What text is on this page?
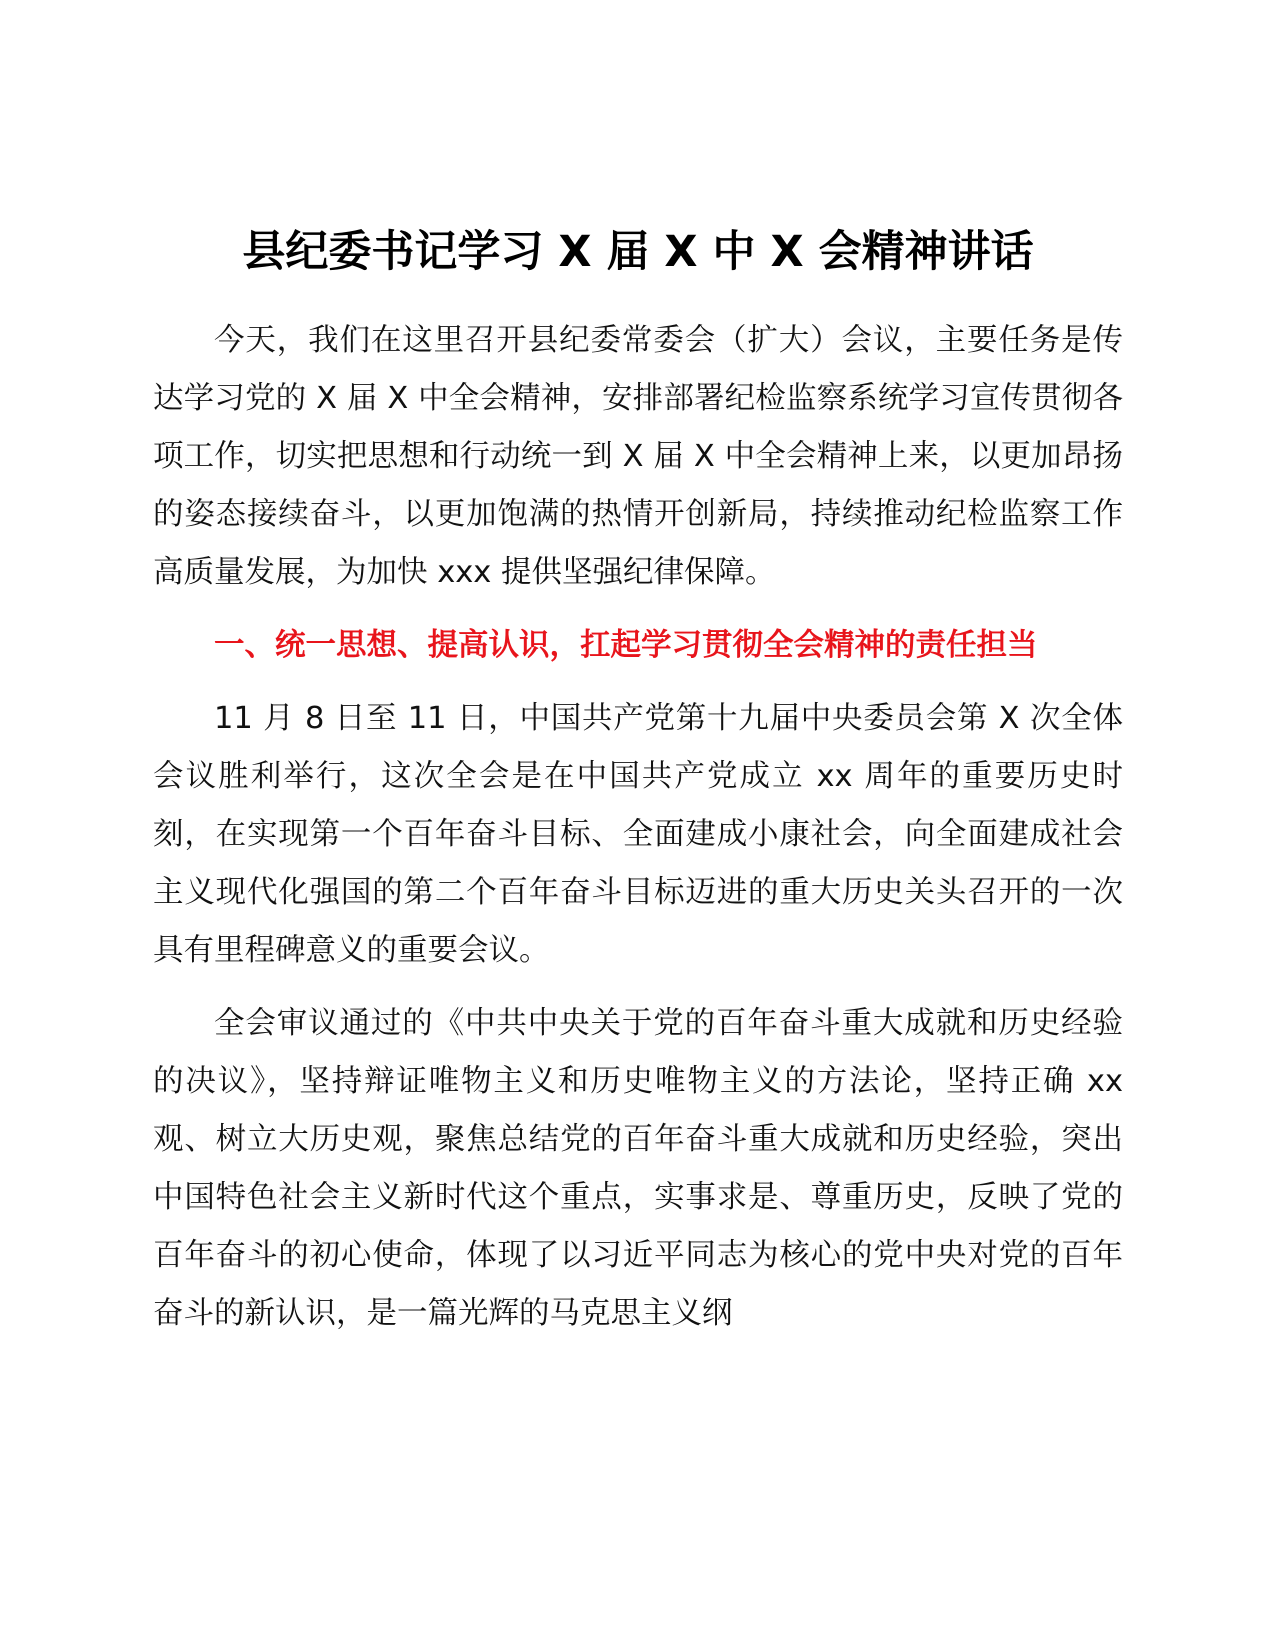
县纪委书记学习 X 届 X 中 X 会精神讲话

今天，我们在这里召开县纪委常委会（扩大）会议，主要任务是传达学习党的 X 届 X 中全会精神，安排部署纪检监察系统学习宣传贯彻各项工作，切实把思想和行动统一到 X 届 X 中全会精神上来，以更加昂扬的姿态接续奋斗，以更加饱满的热情开创新局，持续推动纪检监察工作高质量发展，为加快 xxx 提供坚强纪律保障。

一、统一思想、提高认识，扛起学习贯彻全会精神的责任担当

11 月 8 日至 11 日，中国共产党第十九届中央委员会第 X 次全体会议胜利举行，这次全会是在中国共产党成立 xx 周年的重要历史时刻，在实现第一个百年奋斗目标、全面建成小康社会，向全面建成社会主义现代化强国的第二个百年奋斗目标迈进的重大历史关头召开的一次具有里程碑意义的重要会议。

全会审议通过的《中共中央关于党的百年奋斗重大成就和历史经验的决议》，坚持辩证唯物主义和历史唯物主义的方法论，坚持正确 xx 观、树立大历史观，聚焦总结党的百年奋斗重大成就和历史经验，突出中国特色社会主义新时代这个重点，实事求是、尊重历史，反映了党的百年奋斗的初心使命，体现了以习近平同志为核心的党中央对党的百年奋斗的新认识，是一篇光辉的马克思主义纲
